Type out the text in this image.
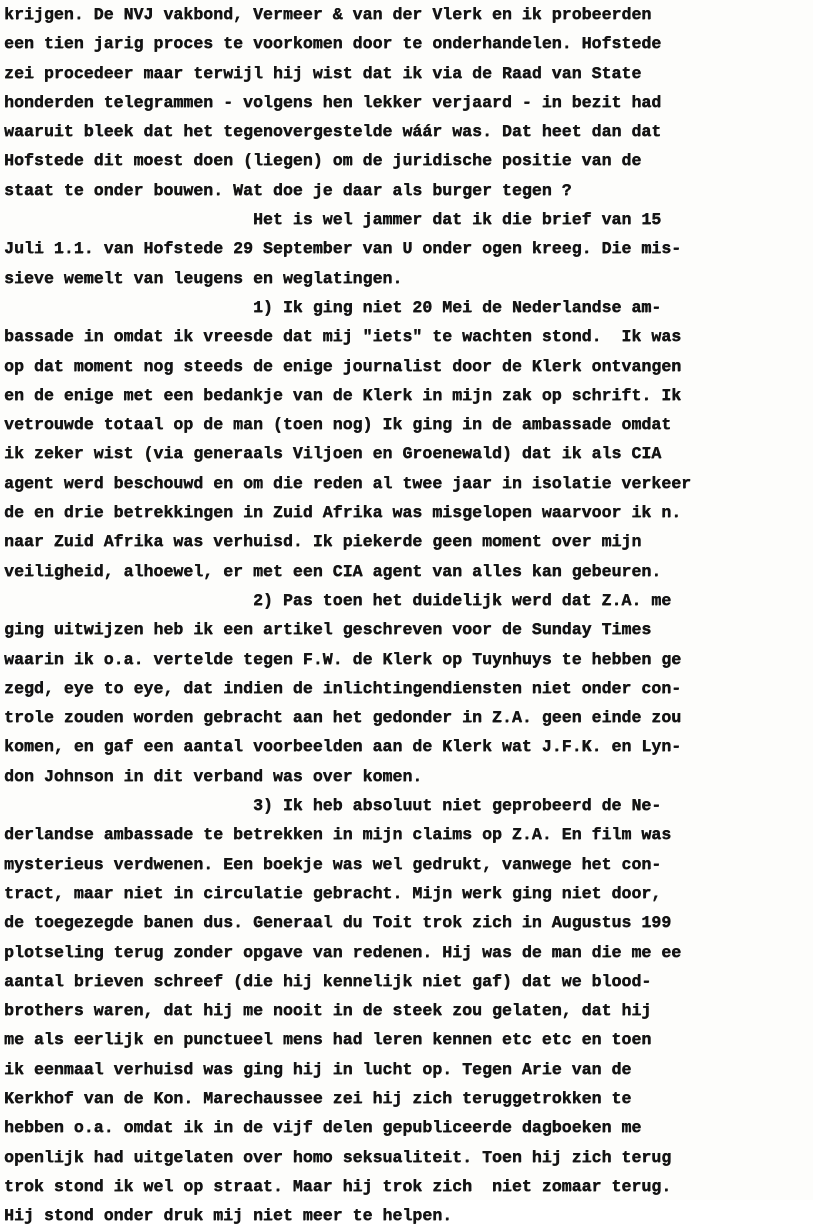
krijgen. De NVJ vakbond, Vermeer & van der Vlerk en ik probeerden
een tien jarig proces te voorkomen door te onderhandelen. Hofstede
zei procedeer maar terwijl hij wist dat ik via de Raad van State
honderden telegrammen - volgens hen lekker verjaard - in bezit had
waaruit bleek dat het tegenovergestelde wáár was. Dat heet dan dat
Hofstede dit moest doen (liegen) om de juridische positie van de
staat te onder bouwen. Wat doe je daar als burger tegen ?
Het is wel jammer dat ik die brief van 15
Juli 1.1. van Hofstede 29 September van U onder ogen kreeg. Die mis-
sieve wemelt van leugens en weglatingen.
1) Ik ging niet 20 Mei de Nederlandse am-
bassade in omdat ik vreesde dat mij "iets" te wachten stond.  Ik was
op dat moment nog steeds de enige journalist door de Klerk ontvangen
en de enige met een bedankje van de Klerk in mijn zak op schrift. Ik
vetrouwde totaal op de man (toen nog) Ik ging in de ambassade omdat
ik zeker wist (via generaals Viljoen en Groenewald) dat ik als CIA
agent werd beschouwd en om die reden al twee jaar in isolatie verkeer
de en drie betrekkingen in Zuid Afrika was misgelopen waarvoor ik n.
naar Zuid Afrika was verhuisd. Ik piekerde geen moment over mijn
veiligheid, alhoewel, er met een CIA agent van alles kan gebeuren.
2) Pas toen het duidelijk werd dat Z.A. me
ging uitwijzen heb ik een artikel geschreven voor de Sunday Times
waarin ik o.a. vertelde tegen F.W. de Klerk op Tuynhuys te hebben ge
zegd, eye to eye, dat indien de inlichtingendiensten niet onder con-
trole zouden worden gebracht aan het gedonder in Z.A. geen einde zou
komen, en gaf een aantal voorbeelden aan de Klerk wat J.F.K. en Lyn-
don Johnson in dit verband was over komen.
3) Ik heb absoluut niet geprobeerd de Ne-
derlandse ambassade te betrekken in mijn claims op Z.A. En film was
mysterieus verdwenen. Een boekje was wel gedrukt, vanwege het con-
tract, maar niet in circulatie gebracht. Mijn werk ging niet door,
de toegezegde banen dus. Generaal du Toit trok zich in Augustus 199
plotseling terug zonder opgave van redenen. Hij was de man die me ee
aantal brieven schreef (die hij kennelijk niet gaf) dat we blood-
brothers waren, dat hij me nooit in de steek zou gelaten, dat hij
me als eerlijk en punctueel mens had leren kennen etc etc en toen
ik eenmaal verhuisd was ging hij in lucht op. Tegen Arie van de
Kerkhof van de Kon. Marechaussee zei hij zich teruggetrokken te
hebben o.a. omdat ik in de vijf delen gepubliceerde dagboeken me
openlijk had uitgelaten over homo seksualiteit. Toen hij zich terug
trok stond ik wel op straat. Maar hij trok zich  niet zomaar terug.
Hij stond onder druk mij niet meer te helpen.
